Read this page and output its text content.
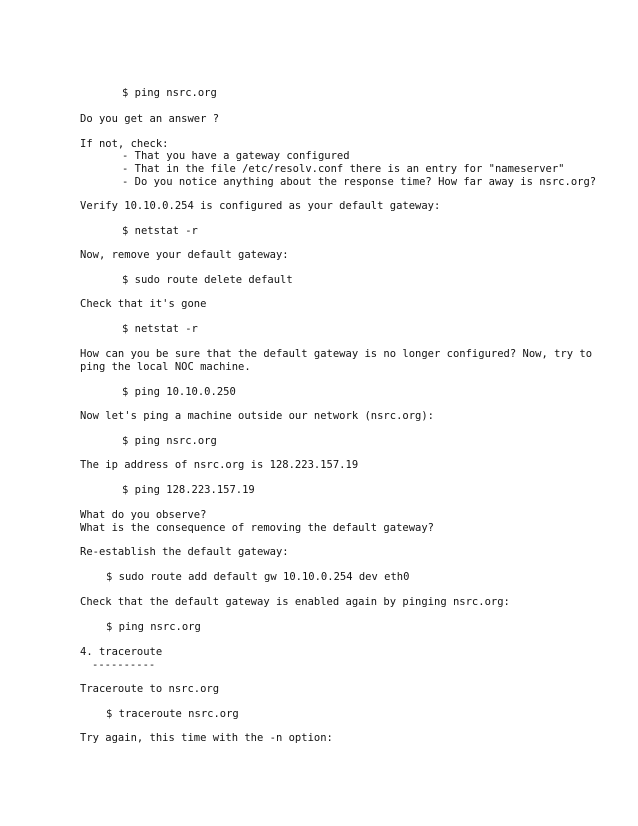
$ ping nsrc.org
Do you get an answer ?
If not, check:
- That you have a gateway configured
- That in the file /etc/resolv.conf there is an entry for "nameserver"
- Do you notice anything about the response time? How far away is nsrc.org?
Verify 10.10.0.254 is configured as your default gateway:
$ netstat -r
Now, remove your default gateway:
$ sudo route delete default
Check that it's gone
$ netstat -r
How can you be sure that the default gateway is no longer configured? Now, try to
ping the local NOC machine.
$ ping 10.10.0.250
Now let's ping a machine outside our network (nsrc.org):
$ ping nsrc.org
The ip address of nsrc.org is 128.223.157.19
$ ping 128.223.157.19
What do you observe?
What is the consequence of removing the default gateway?
Re-establish the default gateway:
$ sudo route add default gw 10.10.0.254 dev eth0
Check that the default gateway is enabled again by pinging nsrc.org:
$ ping nsrc.org
4. traceroute
----------
Traceroute to nsrc.org
$ traceroute nsrc.org
Try again, this time with the -n option:
